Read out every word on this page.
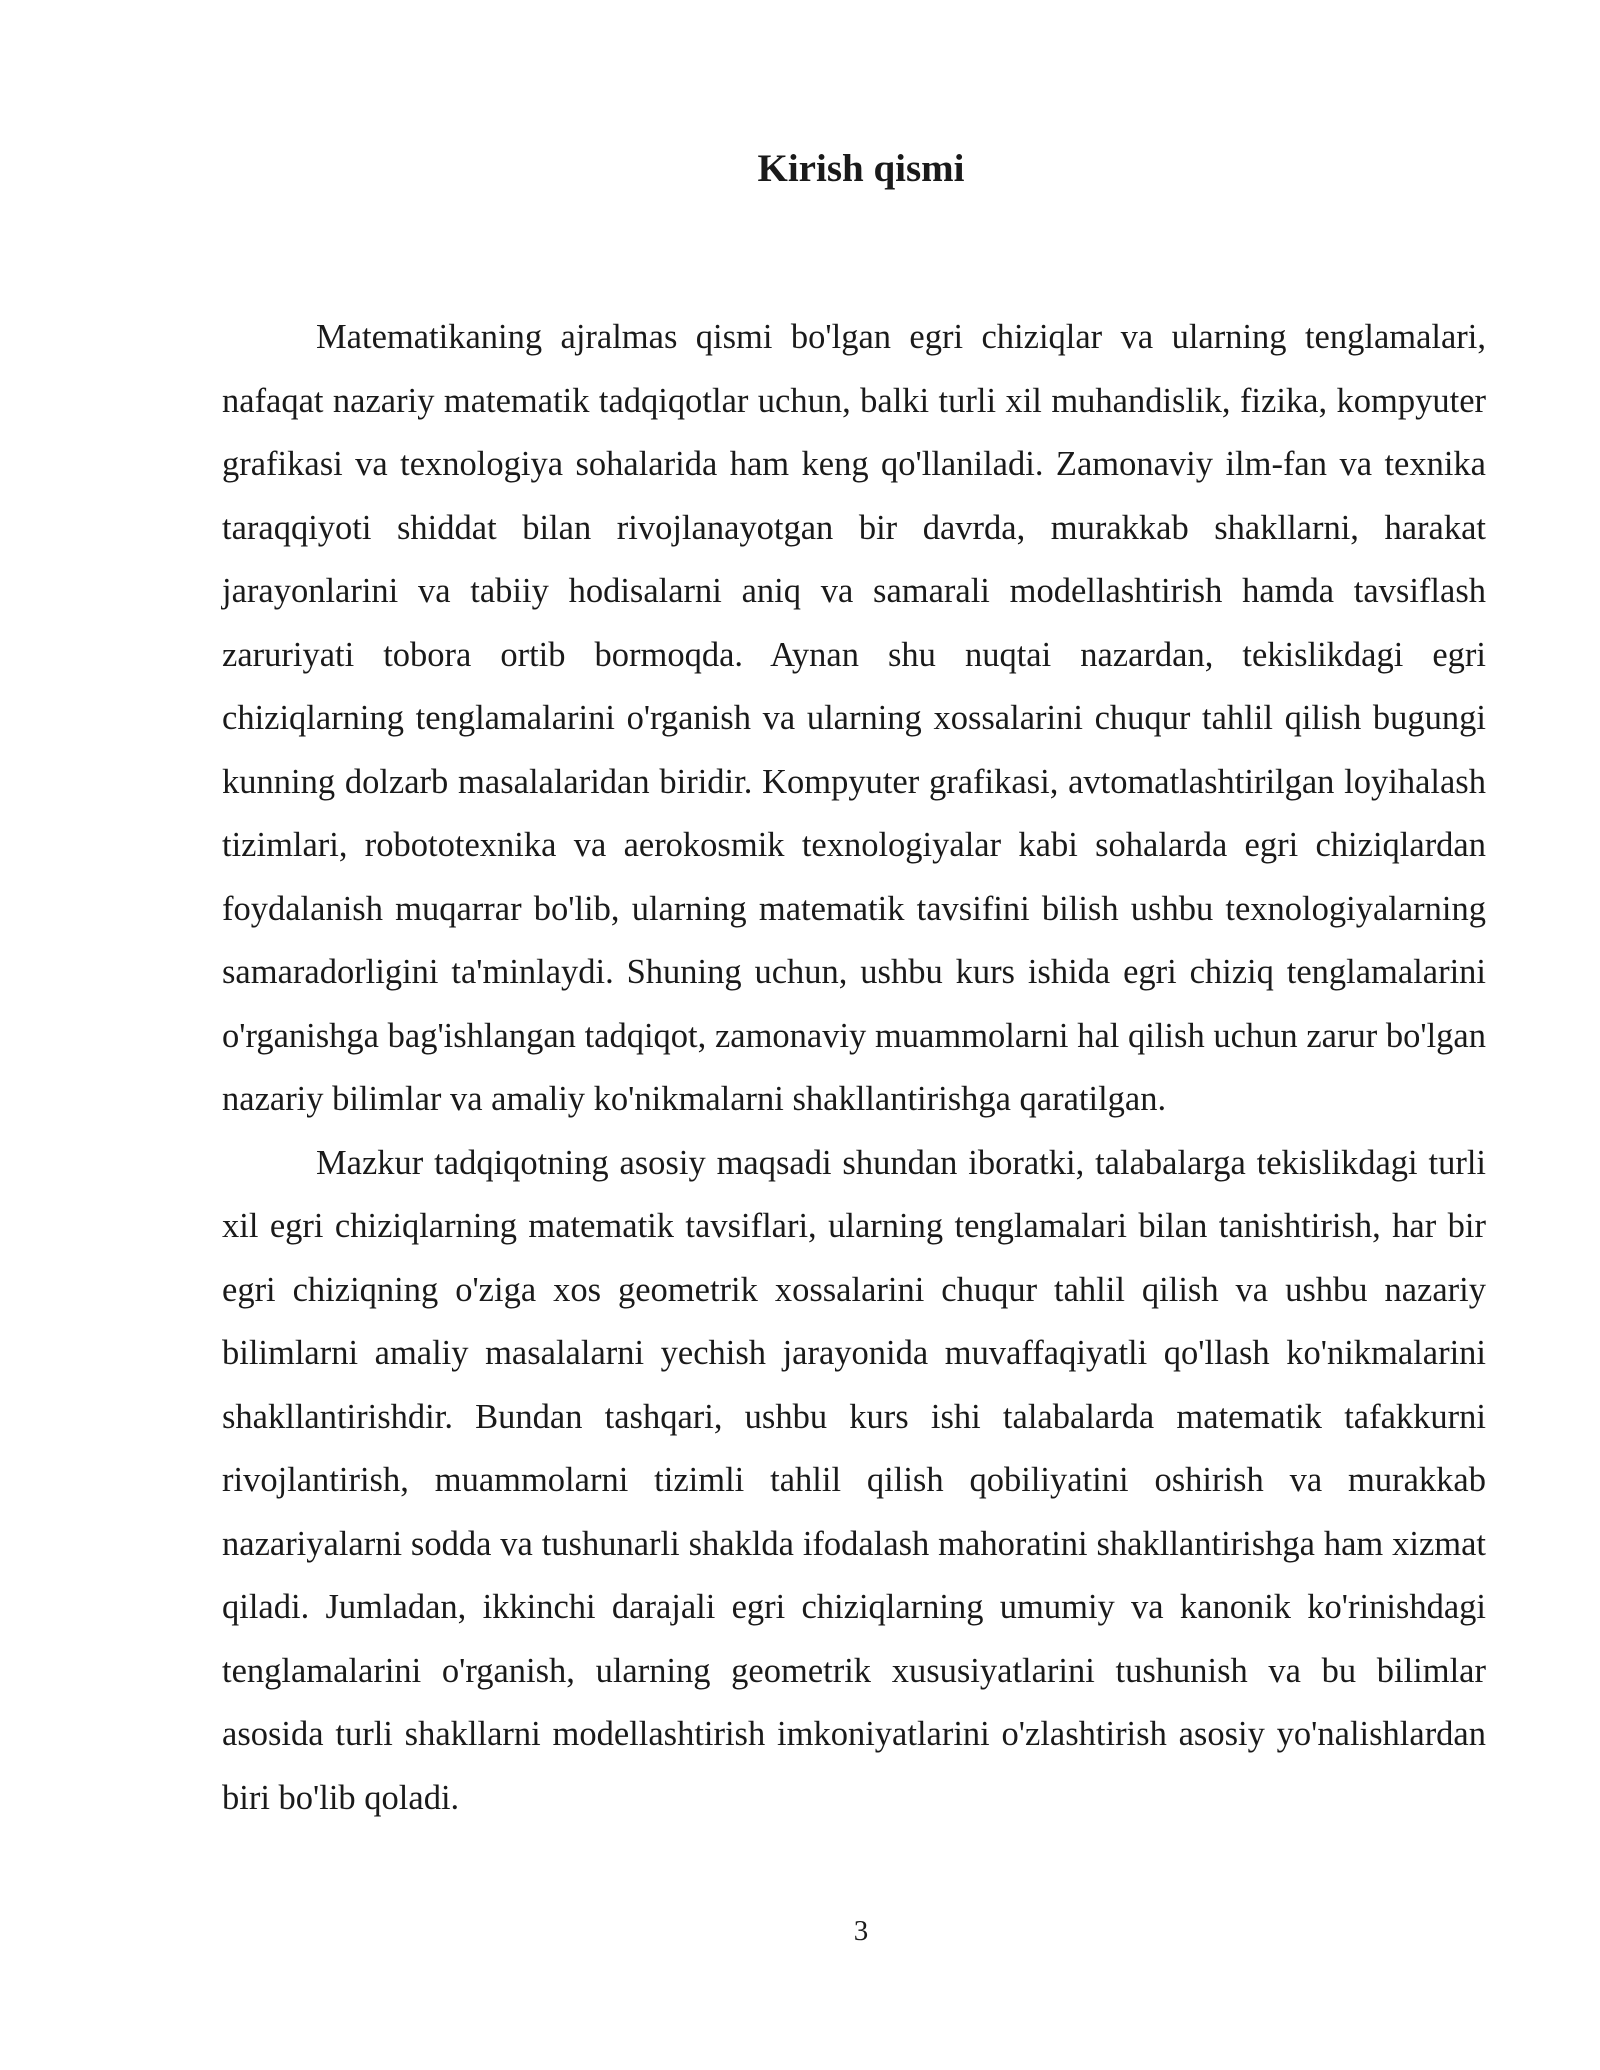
Kirish qismi

Matematikaning ajralmas qismi bo'lgan egri chiziqlar va ularning tenglamalari, nafaqat nazariy matematik tadqiqotlar uchun, balki turli xil muhandislik, fizika, kompyuter grafikasi va texnologiya sohalarida ham keng qo'llaniladi. Zamonaviy ilm-fan va texnika taraqqiyoti shiddat bilan rivojlanayotgan bir davrda, murakkab shakllarni, harakat jarayonlarini va tabiiy hodisalarni aniq va samarali modellashtirish hamda tavsiflash zaruriyati tobora ortib bormoqda. Aynan shu nuqtai nazardan, tekislikdagi egri chiziqlarning tenglamalarini o'rganish va ularning xossalarini chuqur tahlil qilish bugungi kunning dolzarb masalalaridan biridir. Kompyuter grafikasi, avtomatlashtirilgan loyihalash tizimlari, robototexnika va aerokosmik texnologiyalar kabi sohalarda egri chiziqlardan foydalanish muqarrar bo'lib, ularning matematik tavsifini bilish ushbu texnologiyalarning samaradorligini ta'minlaydi. Shuning uchun, ushbu kurs ishida egri chiziq tenglamalarini o'rganishga bag'ishlangan tadqiqot, zamonaviy muammolarni hal qilish uchun zarur bo'lgan nazariy bilimlar va amaliy ko'nikmalarni shakllantirishga qaratilgan.

Mazkur tadqiqotning asosiy maqsadi shundan iboratki, talabalarga tekislikdagi turli xil egri chiziqlarning matematik tavsiflari, ularning tenglamalari bilan tanishtirish, har bir egri chiziqning o'ziga xos geometrik xossalarini chuqur tahlil qilish va ushbu nazariy bilimlarni amaliy masalalarni yechish jarayonida muvaffaqiyatli qo'llash ko'nikmalarini shakllantirishdir. Bundan tashqari, ushbu kurs ishi talabalarda matematik tafakkurni rivojlantirish, muammolarni tizimli tahlil qilish qobiliyatini oshirish va murakkab nazariyalarni sodda va tushunarli shaklda ifodalash mahoratini shakllantirishga ham xizmat qiladi. Jumladan, ikkinchi darajali egri chiziqlarning umumiy va kanonik ko'rinishdagi tenglamalarini o'rganish, ularning geometrik xususiyatlarini tushunish va bu bilimlar asosida turli shakllarni modellashtirish imkoniyatlarini o'zlashtirish asosiy yo'nalishlardan biri bo'lib qoladi.

3
